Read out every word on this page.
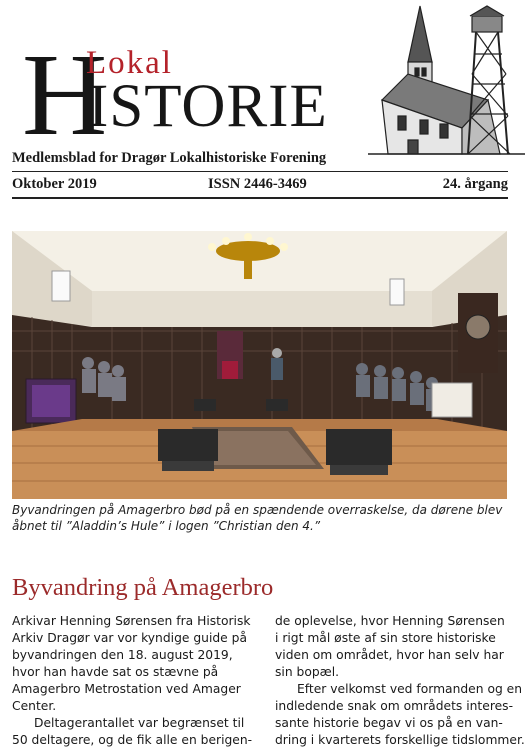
H
Lokal
ISTORIE
Medlemsblad for Dragør Lokalhistoriske Forening
Oktober 2019	ISSN 2446-3469	24. årgang
Byvandringen på Amagerbro bød på en spændende overraskelse, da dørene blev
åbnet til ”Aladdin’s Hule” i logen ”Christian den 4.”
Byvandring på Amagerbro
Arkivar Henning Sørensen fra Historisk
Arkiv Dragør var vor kyndige guide på
byvandringen den 18. august 2019,
hvor han havde sat os stævne på
Amagerbro Metrostation ved Amager
Center.
Deltagerantallet var begrænset til
50 deltagere, og de fik alle en berigen-
de oplevelse, hvor Henning Sørensen
i rigt mål øste af sin store historiske
viden om området, hvor han selv har
sin bopæl.
Efter velkomst ved formanden og en
indledende snak om områdets interes-
sante historie begav vi os på en van-
dring i kvarterets forskellige tidslommer.
